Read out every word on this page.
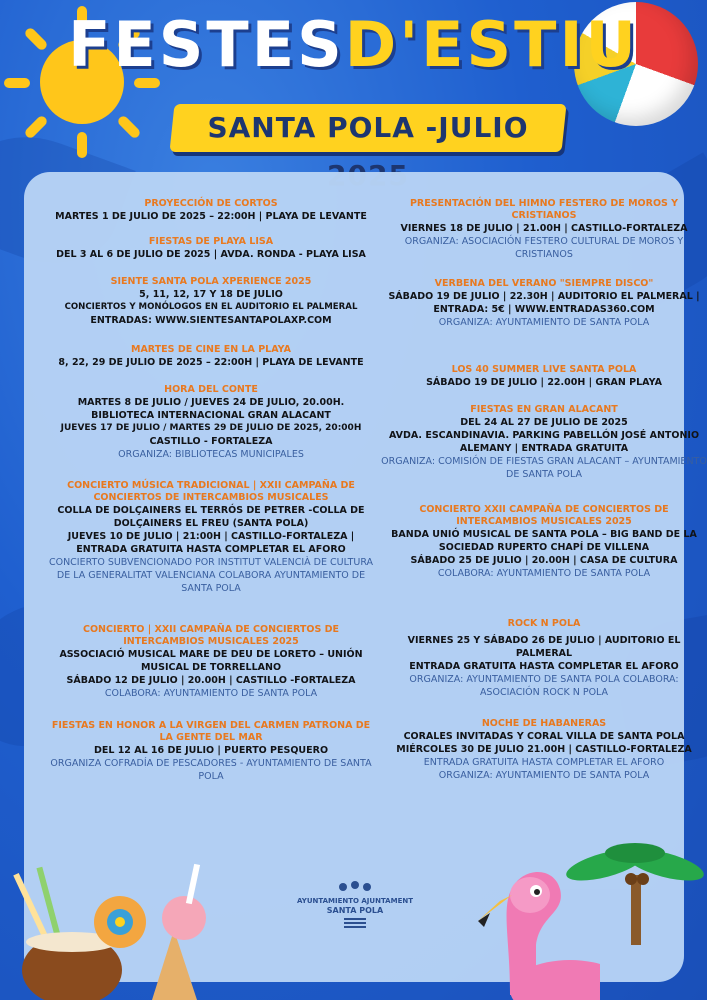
FESTESD'ESTIU
SANTA POLA -JULIO
PROYECCIÓN DE CORTOS
MARTES 1 DE JULIO DE 2025 – 22:00H | PLAYA DE LEVANTE
FIESTAS DE PLAYA LISA
DEL 3 AL 6 DE JULIO DE 2025 | AVDA. RONDA - PLAYA LISA
SIENTE SANTA POLA XPERIENCE 2025
5, 11, 12, 17 Y 18 DE JULIO
CONCIERTOS Y MONÓLOGOS EN EL AUDITORIO EL PALMERAL
ENTRADAS: WWW.SIENTESANTAPOLAXP.COM
MARTES DE CINE EN LA PLAYA
8, 22, 29 DE JULIO DE 2025 – 22:00H | PLAYA DE LEVANTE
HORA DEL CONTE
MARTES 8 DE JULIO / JUEVES 24 DE JULIO, 20.00H.
BIBLIOTECA INTERNACIONAL GRAN ALACANT
JUEVES 17 DE JULIO / MARTES 29 DE JULIO DE 2025, 20:00H
CASTILLO - FORTALEZA
ORGANIZA: BIBLIOTECAS MUNICIPALES
CONCIERTO MÚSICA TRADICIONAL | XXII CAMPAÑA DE CONCIERTOS DE INTERCAMBIOS MUSICALES
COLLA DE DOLÇAINERS EL TERRÓS DE PETRER -COLLA DE DOLÇAINERS EL FREU (SANTA POLA)
JUEVES 10 DE JULIO | 21:00H | CASTILLO-FORTALEZA |
ENTRADA GRATUITA HASTA COMPLETAR EL AFORO
CONCIERTO SUBVENCIONADO POR INSTITUT VALENCIÀ DE CULTURA DE LA GENERALITAT VALENCIANA COLABORA AYUNTAMIENTO DE SANTA POLA
CONCIERTO | XXII CAMPAÑA DE CONCIERTOS DE INTERCAMBIOS MUSICALES 2025
ASSOCIACIÓ MUSICAL MARE DE DEU DE LORETO – UNIÓN MUSICAL DE TORRELLANO
SÁBADO 12 DE JULIO | 20.00H | CASTILLO -FORTALEZA
COLABORA: AYUNTAMIENTO DE SANTA POLA
FIESTAS EN HONOR A LA VIRGEN DEL CARMEN PATRONA DE LA GENTE DEL MAR
DEL 12 AL 16 DE JULIO | PUERTO PESQUERO
ORGANIZA COFRADÍA DE PESCADORES - AYUNTAMIENTO DE SANTA POLA
PRESENTACIÓN DEL HIMNO FESTERO DE MOROS Y CRISTIANOS
VIERNES 18 DE JULIO | 21.00H | CASTILLO-FORTALEZA
ORGANIZA: ASOCIACIÓN FESTERO CULTURAL DE MOROS Y CRISTIANOS
VERBENA DEL VERANO "SIEMPRE DISCO"
SÁBADO 19 DE JULIO | 22.30H | AUDITORIO EL PALMERAL |
ENTRADA: 5€ | WWW.ENTRADAS360.COM
ORGANIZA: AYUNTAMIENTO DE SANTA POLA
LOS 40 SUMMER LIVE SANTA POLA
SÁBADO 19 DE JULIO | 22.00H | GRAN PLAYA
FIESTAS EN GRAN ALACANT
DEL 24 AL 27 DE JULIO DE 2025
AVDA. ESCANDINAVIA. PARKING PABELLÓN JOSÉ ANTONIO ALEMANY | ENTRADA GRATUITA
ORGANIZA: COMISIÓN DE FIESTAS GRAN ALACANT – AYUNTAMIENTO DE SANTA POLA
CONCIERTO XXII CAMPAÑA DE CONCIERTOS DE INTERCAMBIOS MUSICALES 2025
BANDA UNIÓ MUSICAL DE SANTA POLA – BIG BAND DE LA SOCIEDAD RUPERTO CHAPÍ DE VILLENA
SÁBADO 25 DE JULIO | 20.00H | CASA DE CULTURA
COLABORA: AYUNTAMIENTO DE SANTA POLA
ROCK N POLA
VIERNES 25 Y SÁBADO 26 DE JULIO | AUDITORIO EL PALMERAL
ENTRADA GRATUITA HASTA COMPLETAR EL AFORO
ORGANIZA: AYUNTAMIENTO DE SANTA POLA COLABORA: ASOCIACIÓN ROCK N POLA
NOCHE DE HABANERAS
CORALES INVITADAS Y CORAL VILLA DE SANTA POLA
MIÉRCOLES 30 DE JULIO 21.00H | CASTILLO-FORTALEZA
ENTRADA GRATUITA HASTA COMPLETAR EL AFORO
ORGANIZA: AYUNTAMIENTO DE SANTA POLA
AYUNTAMIENTO AJUNTAMENT
SANTA POLA
